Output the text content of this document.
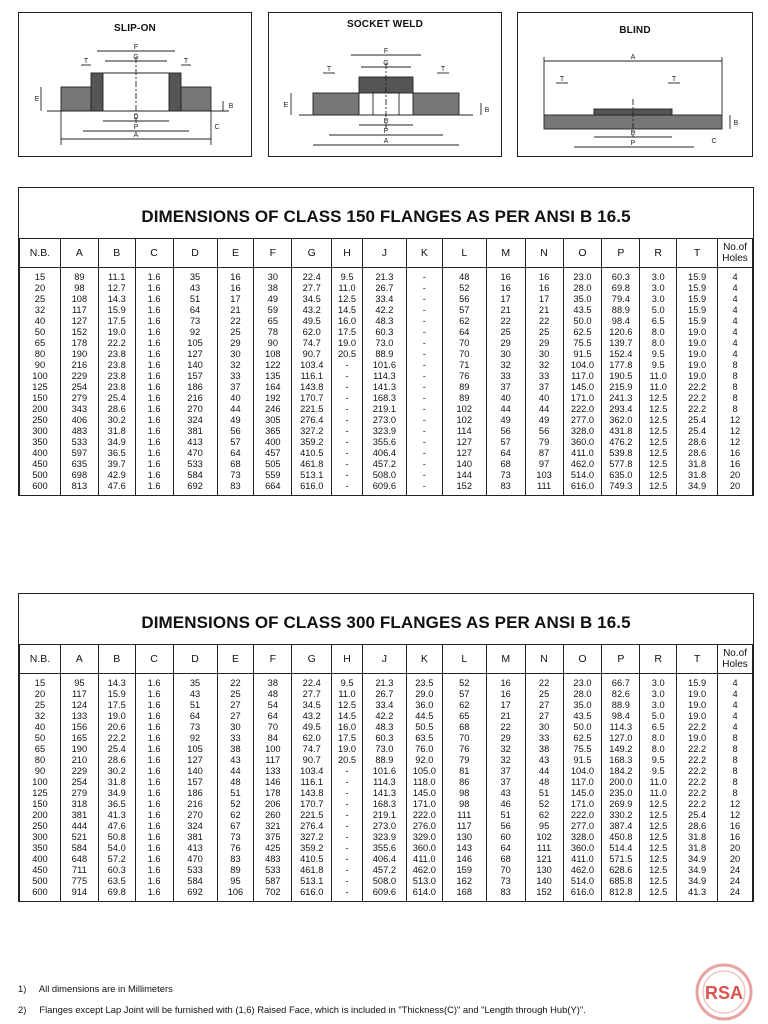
SLIP-ON
T
F
G
T
E
B
C
D
P
A
SOCKET WELD
F
G
T	T
E
B
D
P
A
BLIND
A
T	T
B
C
D
P
DIMENSIONS OF CLASS 150 FLANGES AS PER ANSI B 16.5
N.B.	A	B	C	D	E	F	G	H	J	K	L	M	N	O	P	R	T	No.of Holes
15	89	11.1	1.6	35	16	30	22.4	9.5	21.3	-	48	16	16	23.0	60.3	3.0	15.9	4
20	98	12.7	1.6	43	16	38	27.7	11.0	26.7	-	52	16	16	28.0	69.8	3.0	15.9	4
25	108	14.3	1.6	51	17	49	34.5	12.5	33.4	-	56	17	17	35.0	79.4	3.0	15.9	4
32	117	15.9	1.6	64	21	59	43.2	14.5	42.2	-	57	21	21	43.5	88.9	5.0	15.9	4
40	127	17.5	1.6	73	22	65	49.5	16.0	48.3	-	62	22	22	50.0	98.4	6.5	15.9	4
50	152	19.0	1.6	92	25	78	62.0	17.5	60.3	-	64	25	25	62.5	120.6	8.0	19.0	4
65	178	22.2	1.6	105	29	90	74.7	19.0	73.0	-	70	29	29	75.5	139.7	8.0	19.0	4
80	190	23.8	1.6	127	30	108	90.7	20.5	88.9	-	70	30	30	91.5	152.4	9.5	19.0	4
90	216	23.8	1.6	140	32	122	103.4	-	101.6	-	71	32	32	104.0	177.8	9.5	19.0	8
100	229	23.8	1.6	157	33	135	116.1	-	114.3	-	76	33	33	117.0	190.5	11.0	19.0	8
125	254	23.8	1.6	186	37	164	143.8	-	141.3	-	89	37	37	145.0	215.9	11.0	22.2	8
150	279	25.4	1.6	216	40	192	170.7	-	168.3	-	89	40	40	171.0	241.3	12.5	22.2	8
200	343	28.6	1.6	270	44	246	221.5	-	219.1	-	102	44	44	222.0	293.4	12.5	22.2	8
250	406	30.2	1.6	324	49	305	276.4	-	273.0	-	102	49	49	277.0	362.0	12.5	25.4	12
300	483	31.8	1.6	381	56	365	327.2	-	323.9	-	114	56	56	328.0	431.8	12.5	25.4	12
350	533	34.9	1.6	413	57	400	359.2	-	355.6	-	127	57	79	360.0	476.2	12.5	28.6	12
400	597	36.5	1.6	470	64	457	410.5	-	406.4	-	127	64	87	411.0	539.8	12.5	28.6	16
450	635	39.7	1.6	533	68	505	461.8	-	457.2	-	140	68	97	462.0	577.8	12.5	31.8	16
500	698	42.9	1.6	584	73	559	513.1	-	508.0	-	144	73	103	514.0	635.0	12.5	31.8	20
600	813	47.6	1.6	692	83	664	616.0	-	609.6	-	152	83	111	616.0	749.3	12.5	34.9	20
DIMENSIONS OF CLASS 300 FLANGES AS PER ANSI B 16.5
N.B.	A	B	C	D	E	F	G	H	J	K	L	M	N	O	P	R	T	No.of Holes
15	95	14.3	1.6	35	22	38	22.4	9.5	21.3	23.5	52	16	22	23.0	66.7	3.0	15.9	4
20	117	15.9	1.6	43	25	48	27.7	11.0	26.7	29.0	57	16	25	28.0	82.6	3.0	19.0	4
25	124	17.5	1.6	51	27	54	34.5	12.5	33.4	36.0	62	17	27	35.0	88.9	3.0	19.0	4
32	133	19.0	1.6	64	27	64	43.2	14.5	42.2	44.5	65	21	27	43.5	98.4	5.0	19.0	4
40	156	20.6	1.6	73	30	70	49.5	16.0	48.3	50.5	68	22	30	50.0	114.3	6.5	22.2	4
50	165	22.2	1.6	92	33	84	62.0	17.5	60.3	63.5	70	29	33	62.5	127.0	8.0	19.0	8
65	190	25.4	1.6	105	38	100	74.7	19.0	73.0	76.0	76	32	38	75.5	149.2	8.0	22.2	8
80	210	28.6	1.6	127	43	117	90.7	20.5	88.9	92.0	79	32	43	91.5	168.3	9.5	22.2	8
90	229	30.2	1.6	140	44	133	103.4	-	101.6	105.0	81	37	44	104.0	184.2	9.5	22.2	8
100	254	31.8	1.6	157	48	146	116.1	-	114.3	118.0	86	37	48	117.0	200.0	11.0	22.2	8
125	279	34.9	1.6	186	51	178	143.8	-	141.3	145.0	98	43	51	145.0	235.0	11.0	22.2	8
150	318	36.5	1.6	216	52	206	170.7	-	168.3	171.0	98	46	52	171.0	269.9	12.5	22.2	12
200	381	41.3	1.6	270	62	260	221.5	-	219.1	222.0	111	51	62	222.0	330.2	12.5	25.4	12
250	444	47.6	1.6	324	67	321	276.4	-	273.0	276.0	117	56	95	277.0	387.4	12.5	28.6	16
300	521	50.8	1.6	381	73	375	327.2	-	323.9	329.0	130	60	102	328.0	450.8	12.5	31.8	16
350	584	54.0	1.6	413	76	425	359.2	-	355.6	360.0	143	64	111	360.0	514.4	12.5	31.8	20
400	648	57.2	1.6	470	83	483	410.5	-	406.4	411.0	146	68	121	411.0	571.5	12.5	34.9	20
450	711	60.3	1.6	533	89	533	461.8	-	457.2	462.0	159	70	130	462.0	628.6	12.5	34.9	24
500	775	63.5	1.6	584	95	587	513.1	-	508.0	513.0	162	73	140	514.0	685.8	12.5	34.9	24
600	914	69.8	1.6	692	106	702	616.0	-	609.6	614.0	168	83	152	616.0	812.8	12.5	41.3	24
1) All dimensions are in Millimeters
2) Flanges except Lap Joint will be furnished with (1,6) Raised Face, which is included in "Thickness(C)" and "Length through Hub(Y)".
RSA
